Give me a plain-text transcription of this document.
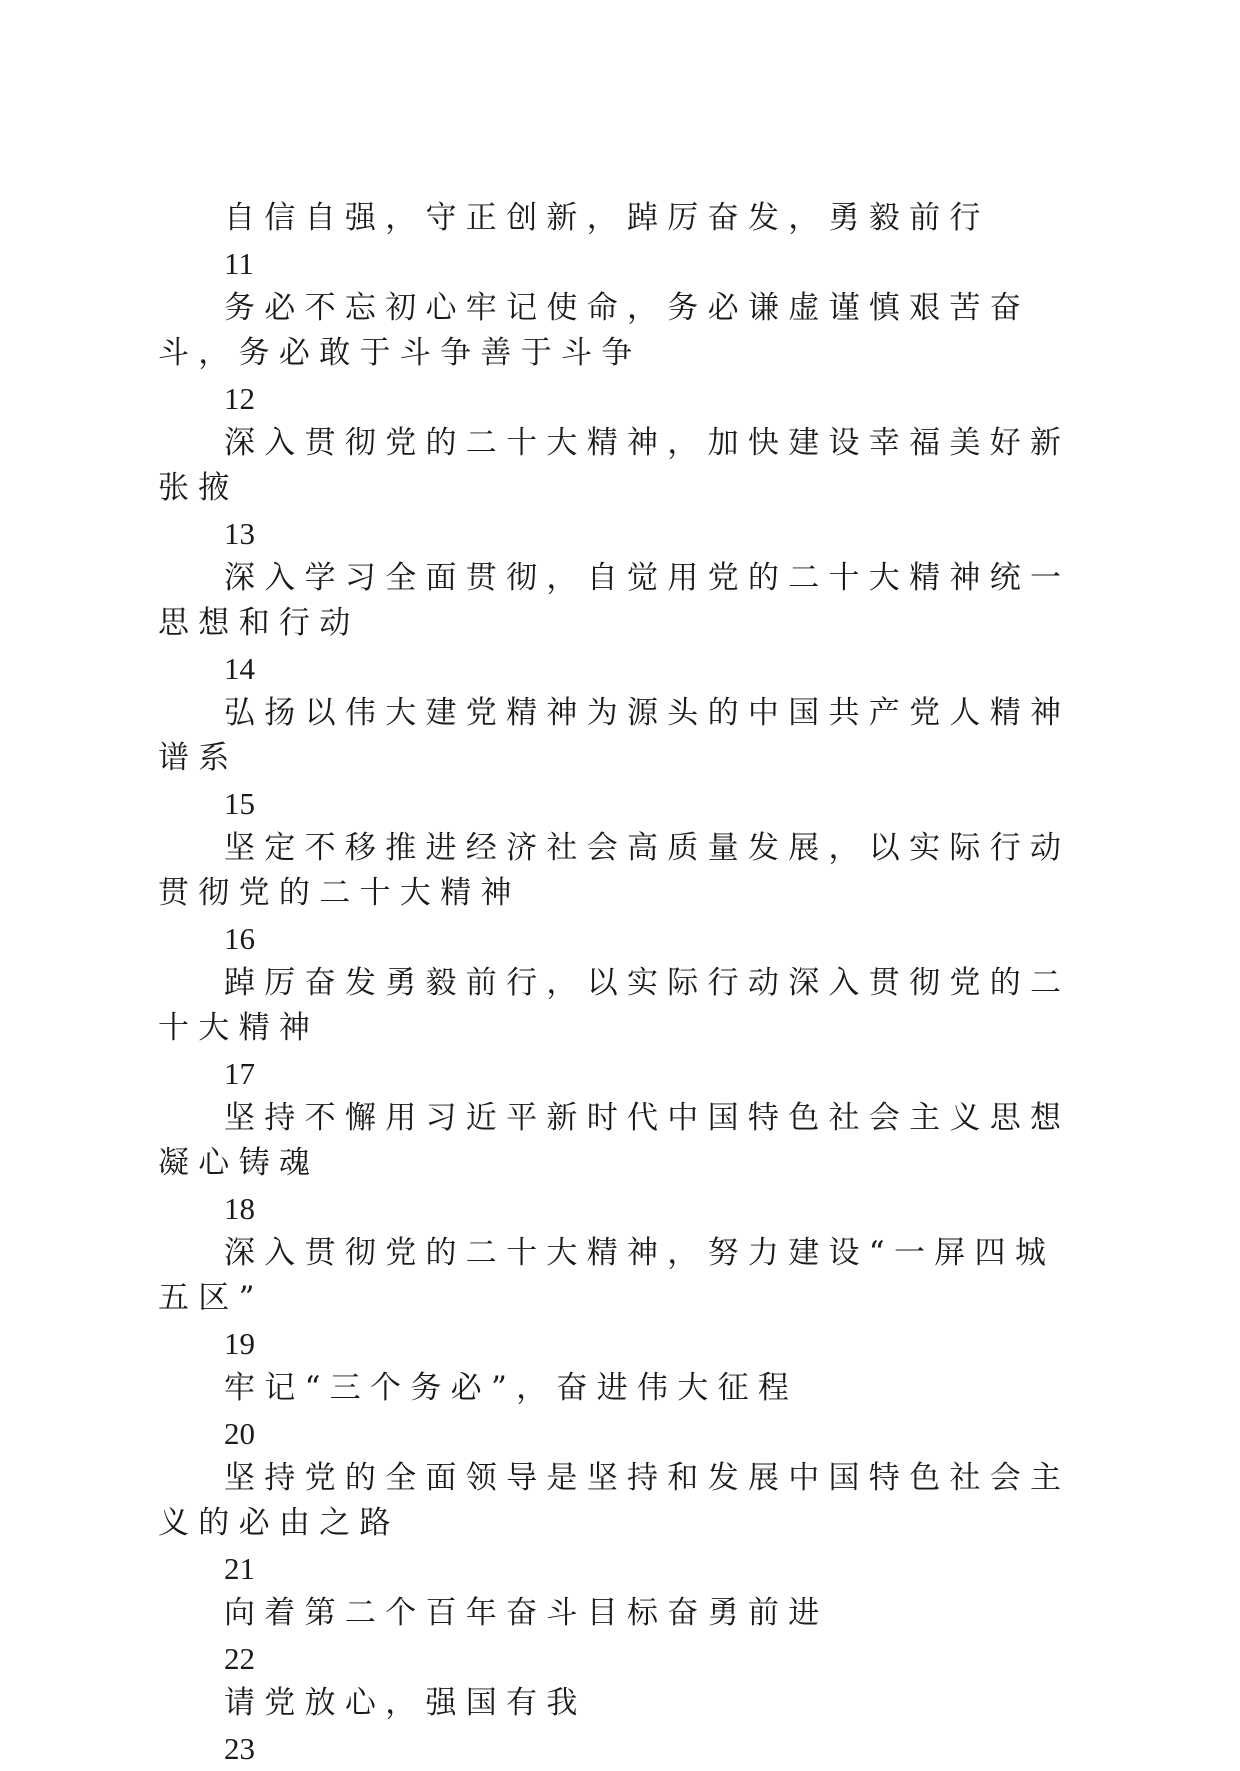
自信自强，守正创新，踔厉奋发，勇毅前行

11

务必不忘初心牢记使命，务必谦虚谨慎艰苦奋斗，务必敢于斗争善于斗争

12

深入贯彻党的二十大精神，加快建设幸福美好新张掖

13

深入学习全面贯彻，自觉用党的二十大精神统一思想和行动

14

弘扬以伟大建党精神为源头的中国共产党人精神谱系

15

坚定不移推进经济社会高质量发展，以实际行动贯彻党的二十大精神

16

踔厉奋发勇毅前行，以实际行动深入贯彻党的二十大精神

17

坚持不懈用习近平新时代中国特色社会主义思想凝心铸魂

18

深入贯彻党的二十大精神，努力建设“一屏四城五区”

19

牢记“三个务必”，奋进伟大征程

20

坚持党的全面领导是坚持和发展中国特色社会主义的必由之路

21

向着第二个百年奋斗目标奋勇前进

22

请党放心，强国有我

23
